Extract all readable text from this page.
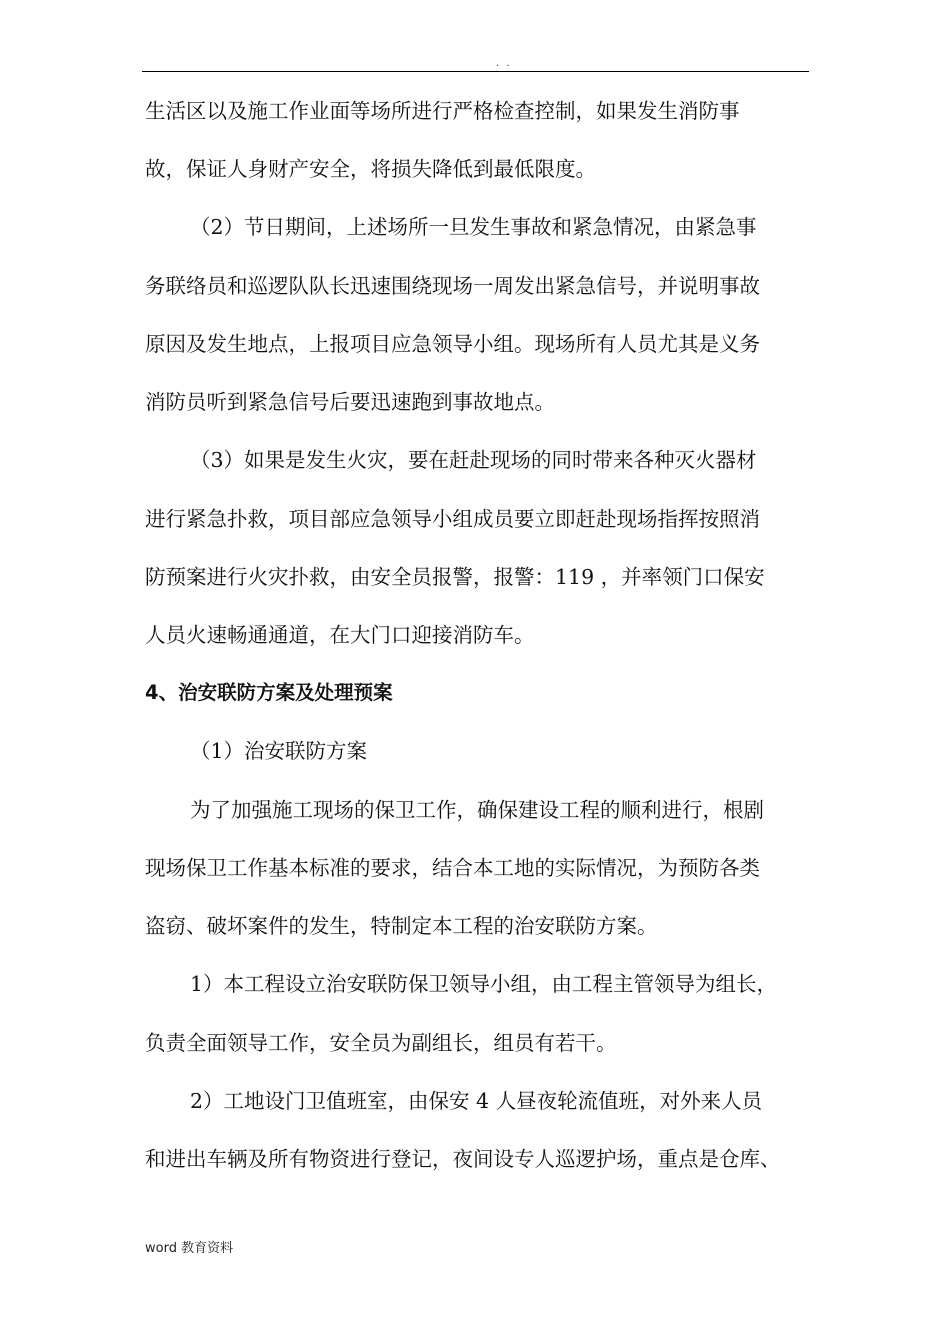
. .
生活区以及施工作业面等场所进行严格检查控制，如果发生消防事
故，保证人身财产安全，将损失降低到最低限度。
（2）节日期间，上述场所一旦发生事故和紧急情况，由紧急事
务联络员和巡逻队队长迅速围绕现场一周发出紧急信号，并说明事故
原因及发生地点，上报项目应急领导小组。现场所有人员尤其是义务
消防员听到紧急信号后要迅速跑到事故地点。
（3）如果是发生火灾，要在赶赴现场的同时带来各种灭火器材
进行紧急扑救，项目部应急领导小组成员要立即赶赴现场指挥按照消
防预案进行火灾扑救，由安全员报警，报警：119 ，并率领门口保安
人员火速畅通通道，在大门口迎接消防车。
4、治安联防方案及处理预案
（1）治安联防方案
为了加强施工现场的保卫工作，确保建设工程的顺利进行，根剧
现场保卫工作基本标准的要求，结合本工地的实际情况，为预防各类
盗窃、破坏案件的发生，特制定本工程的治安联防方案。
1）本工程设立治安联防保卫领导小组，由工程主管领导为组长，
负责全面领导工作，安全员为副组长，组员有若干。
2）工地设门卫值班室，由保安 4 人昼夜轮流值班，对外来人员
和进出车辆及所有物资进行登记，夜间设专人巡逻护场，重点是仓库、
word 教育资料
